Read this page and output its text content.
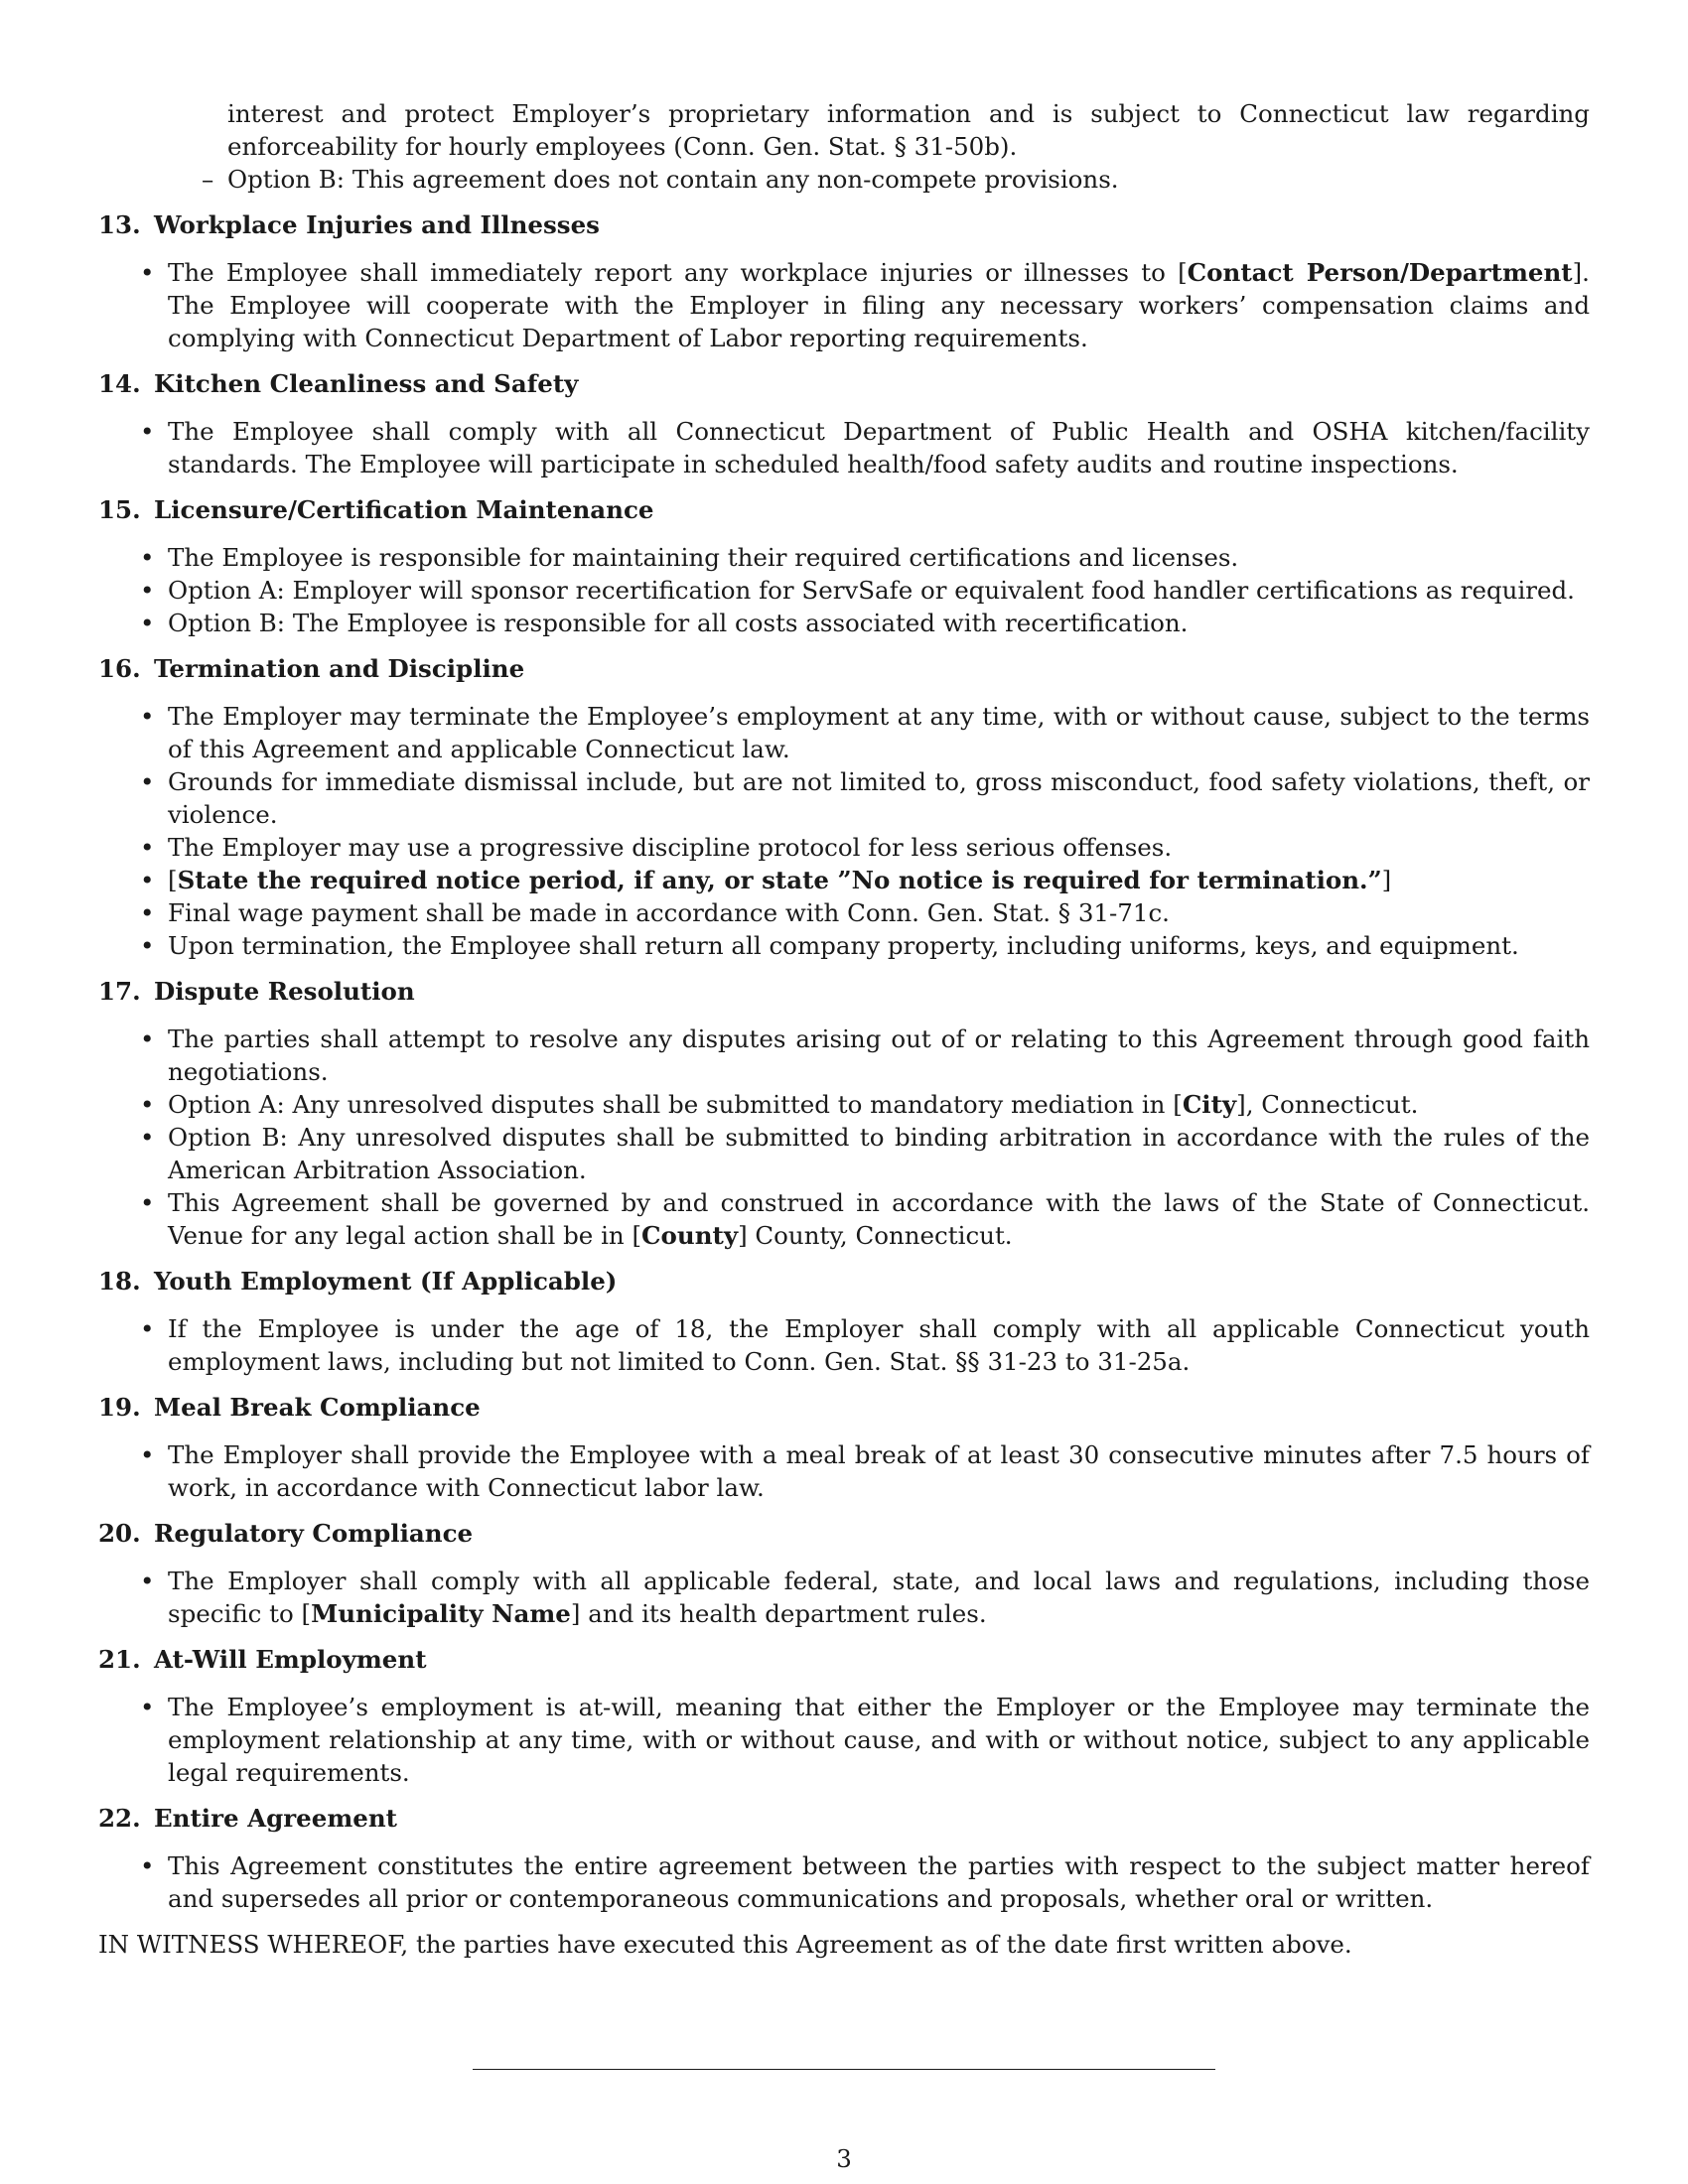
interest and protect Employer’s proprietary information and is subject to Connecticut law regarding enforceability for hourly employees (Conn. Gen. Stat. § 31-50b).
– Option B: This agreement does not contain any non-compete provisions.
13. Workplace Injuries and Illnesses
• The Employee shall immediately report any workplace injuries or illnesses to [Contact Person/Department]. The Employee will cooperate with the Employer in filing any necessary workers’ compensation claims and complying with Connecticut Department of Labor reporting requirements.
14. Kitchen Cleanliness and Safety
• The Employee shall comply with all Connecticut Department of Public Health and OSHA kitchen/facility standards. The Employee will participate in scheduled health/food safety audits and routine inspections.
15. Licensure/Certification Maintenance
• The Employee is responsible for maintaining their required certifications and licenses.
• Option A: Employer will sponsor recertification for ServSafe or equivalent food handler certifications as required.
• Option B: The Employee is responsible for all costs associated with recertification.
16. Termination and Discipline
• The Employer may terminate the Employee’s employment at any time, with or without cause, subject to the terms of this Agreement and applicable Connecticut law.
• Grounds for immediate dismissal include, but are not limited to, gross misconduct, food safety violations, theft, or violence.
• The Employer may use a progressive discipline protocol for less serious offenses.
• [State the required notice period, if any, or state ”No notice is required for termination.”]
• Final wage payment shall be made in accordance with Conn. Gen. Stat. § 31-71c.
• Upon termination, the Employee shall return all company property, including uniforms, keys, and equipment.
17. Dispute Resolution
• The parties shall attempt to resolve any disputes arising out of or relating to this Agreement through good faith negotiations.
• Option A: Any unresolved disputes shall be submitted to mandatory mediation in [City], Connecticut.
• Option B: Any unresolved disputes shall be submitted to binding arbitration in accordance with the rules of the American Arbitration Association.
• This Agreement shall be governed by and construed in accordance with the laws of the State of Connecticut. Venue for any legal action shall be in [County] County, Connecticut.
18. Youth Employment (If Applicable)
• If the Employee is under the age of 18, the Employer shall comply with all applicable Connecticut youth employment laws, including but not limited to Conn. Gen. Stat. §§ 31-23 to 31-25a.
19. Meal Break Compliance
• The Employer shall provide the Employee with a meal break of at least 30 consecutive minutes after 7.5 hours of work, in accordance with Connecticut labor law.
20. Regulatory Compliance
• The Employer shall comply with all applicable federal, state, and local laws and regulations, including those specific to [Municipality Name] and its health department rules.
21. At-Will Employment
• The Employee’s employment is at-will, meaning that either the Employer or the Employee may terminate the employment relationship at any time, with or without cause, and with or without notice, subject to any applicable legal requirements.
22. Entire Agreement
• This Agreement constitutes the entire agreement between the parties with respect to the subject matter hereof and supersedes all prior or contemporaneous communications and proposals, whether oral or written.
IN WITNESS WHEREOF, the parties have executed this Agreement as of the date first written above.
3
